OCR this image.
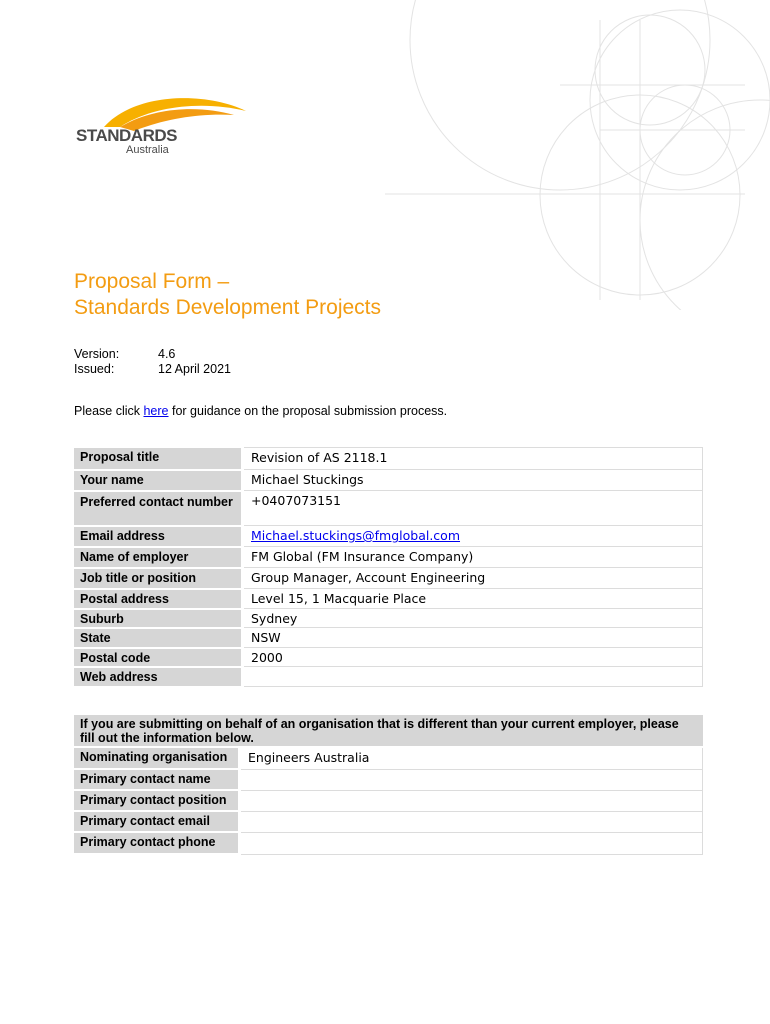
STANDARDS
Australia
Proposal Form –
Standards Development Projects
Version:	4.6
Issued:	12 April 2021
Please click here for guidance on the proposal submission process.
Proposal title	Revision of AS 2118.1
Your name	Michael Stuckings
Preferred contact number	+0407073151
Email address	Michael.stuckings@fmglobal.com
Name of employer	FM Global (FM Insurance Company)
Job title or position	Group Manager, Account Engineering
Postal address	Level 15, 1 Macquarie Place
Suburb	Sydney
State	NSW
Postal code	2000
Web address	
If you are submitting on behalf of an organisation that is different than your current employer, please fill out the information below.	
Nominating organisation	Engineers Australia
Primary contact name	
Primary contact position	
Primary contact email	
Primary contact phone	
